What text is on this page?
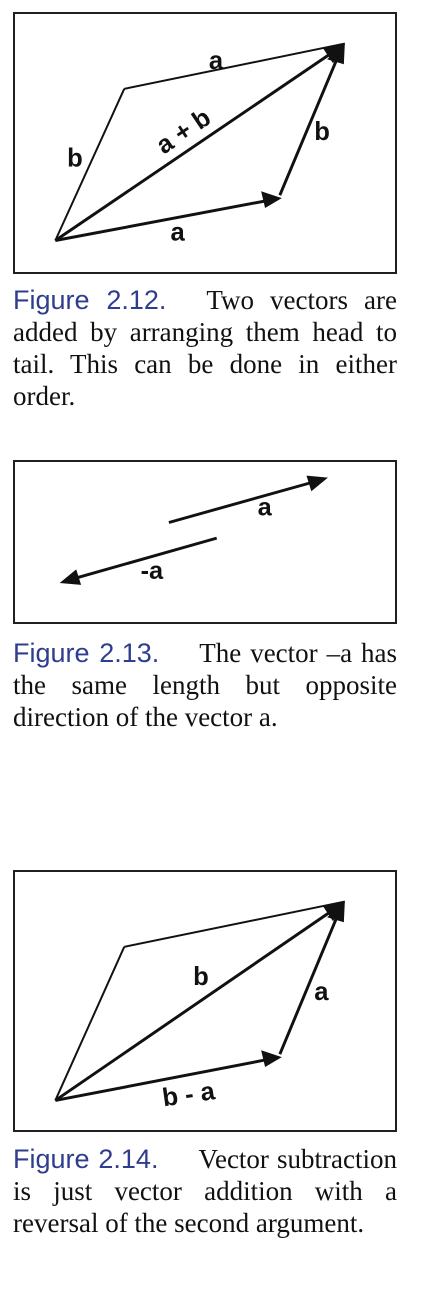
a
b	a + b	b
a

Figure 2.12. Two vectors are added by arranging them head to tail. This can be done in either order.

a
-a

Figure 2.13. The vector –a has the same length but opposite direction of the vector a.

b
a
b - a

Figure 2.14. Vector subtraction is just vector addition with a reversal of the second argument.
